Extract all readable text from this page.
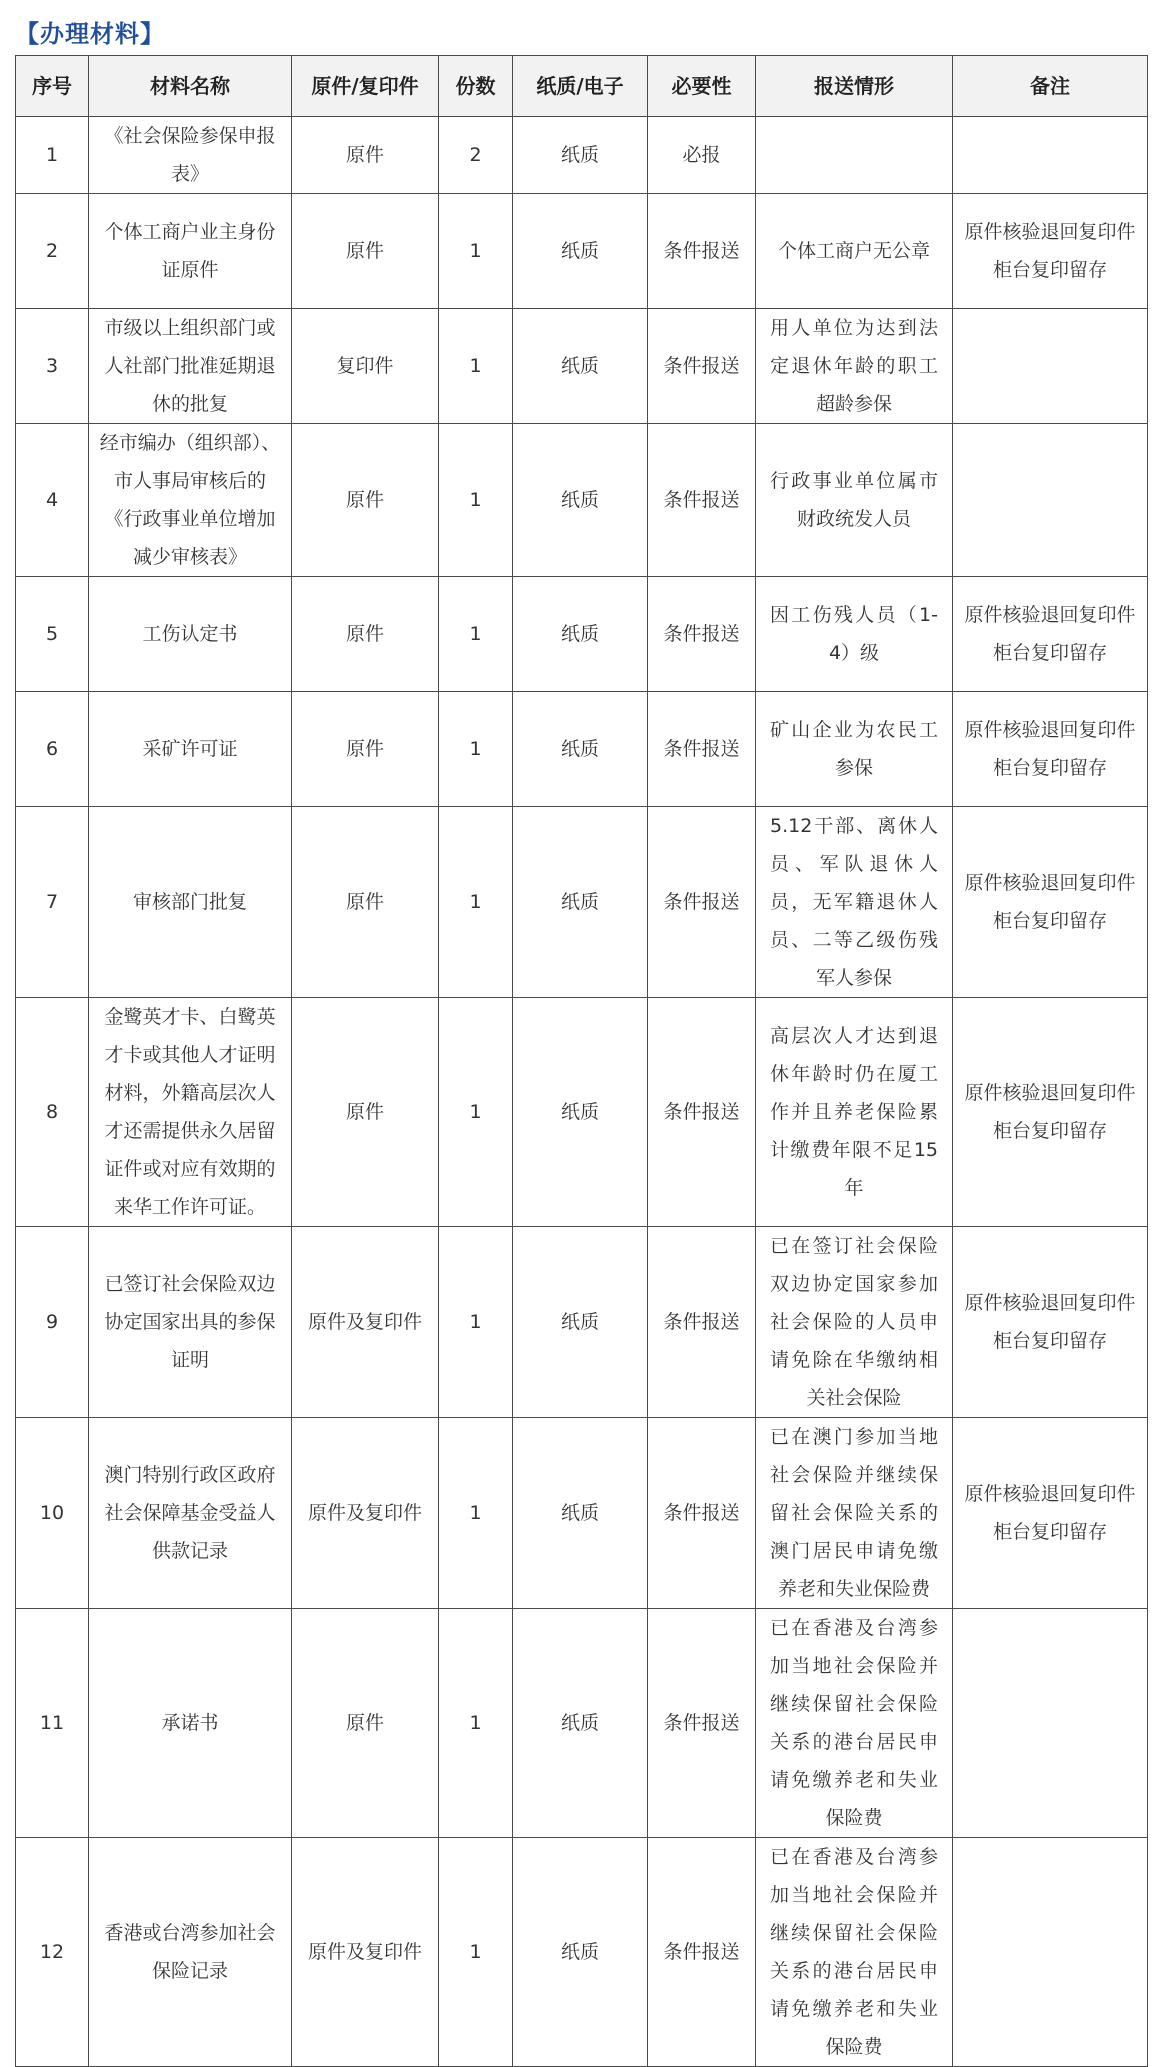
【办理材料】
序号	材料名称	原件/复印件	份数	纸质/电子	必要性	报送情形	备注
1	《社会保险参保申报表》	原件	2	纸质	必报		
2	个体工商户业主身份证原件	原件	1	纸质	条件报送	个体工商户无公章	原件核验退回复印件柜台复印留存
3	市级以上组织部门或人社部门批准延期退休的批复	复印件	1	纸质	条件报送	用人单位为达到法定退休年龄的职工超龄参保	
4	经市编办（组织部）、市人事局审核后的《行政事业单位增加减少审核表》	原件	1	纸质	条件报送	行政事业单位属市财政统发人员	
5	工伤认定书	原件	1	纸质	条件报送	因工伤残人员（1-4）级	原件核验退回复印件柜台复印留存
6	采矿许可证	原件	1	纸质	条件报送	矿山企业为农民工参保	原件核验退回复印件柜台复印留存
7	审核部门批复	原件	1	纸质	条件报送	5.12干部、离休人员、军队退休人员，无军籍退休人员、二等乙级伤残军人参保	原件核验退回复印件柜台复印留存
8	金鹭英才卡、白鹭英才卡或其他人才证明材料，外籍高层次人才还需提供永久居留证件或对应有效期的来华工作许可证。	原件	1	纸质	条件报送	高层次人才达到退休年龄时仍在厦工作并且养老保险累计缴费年限不足15年	原件核验退回复印件柜台复印留存
9	已签订社会保险双边协定国家出具的参保证明	原件及复印件	1	纸质	条件报送	已在签订社会保险双边协定国家参加社会保险的人员申请免除在华缴纳相关社会保险	原件核验退回复印件柜台复印留存
10	澳门特别行政区政府社会保障基金受益人供款记录	原件及复印件	1	纸质	条件报送	已在澳门参加当地社会保险并继续保留社会保险关系的澳门居民申请免缴养老和失业保险费	原件核验退回复印件柜台复印留存
11	承诺书	原件	1	纸质	条件报送	已在香港及台湾参加当地社会保险并继续保留社会保险关系的港台居民申请免缴养老和失业保险费	
12	香港或台湾参加社会保险记录	原件及复印件	1	纸质	条件报送	已在香港及台湾参加当地社会保险并继续保留社会保险关系的港台居民申请免缴养老和失业保险费	
